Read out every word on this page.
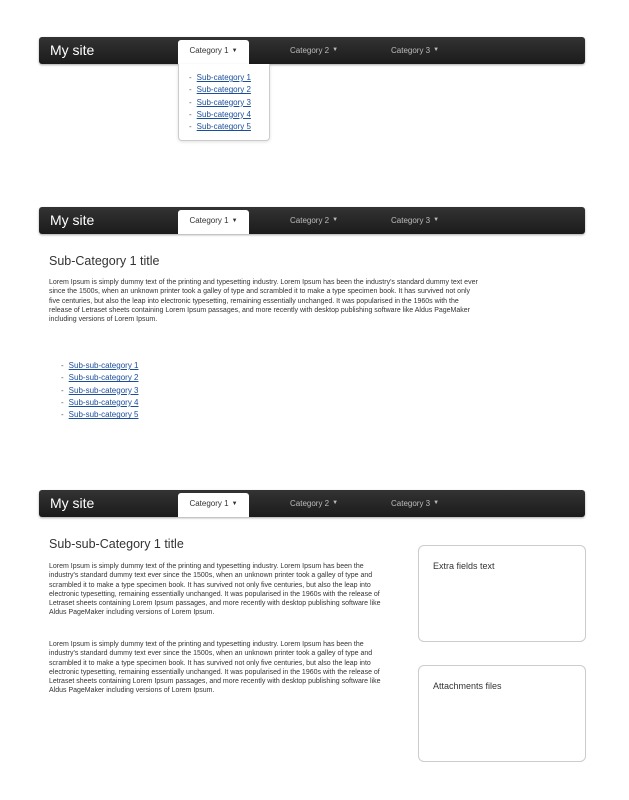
My site	Category 1 ▼	Category 2 ▼	Category 3 ▼
- Sub-category 1
- Sub-category 2
- Sub-category 3
- Sub-category 4
- Sub-category 5
My site	Category 1 ▼	Category 2 ▼	Category 3 ▼
Sub-Category 1 title

Lorem Ipsum is simply dummy text of the printing and typesetting industry. Lorem Ipsum has been the industry's standard dummy text ever since the 1500s, when an unknown printer took a galley of type and scrambled it to make a type specimen book. It has survived not only five centuries, but also the leap into electronic typesetting, remaining essentially unchanged. It was popularised in the 1960s with the release of Letraset sheets containing Lorem Ipsum passages, and more recently with desktop publishing software like Aldus PageMaker including versions of Lorem Ipsum.

- Sub-sub-category 1
- Sub-sub-category 2
- Sub-sub-category 3
- Sub-sub-category 4
- Sub-sub-category 5
My site	Category 1 ▼	Category 2 ▼	Category 3 ▼
Sub-sub-Category 1 title

Lorem Ipsum is simply dummy text of the printing and typesetting industry. Lorem Ipsum has been the industry's standard dummy text ever since the 1500s, when an unknown printer took a galley of type and scrambled it to make a type specimen book. It has survived not only five centuries, but also the leap into electronic typesetting, remaining essentially unchanged. It was popularised in the 1960s with the release of Letraset sheets containing Lorem Ipsum passages, and more recently with desktop publishing software like Aldus PageMaker including versions of Lorem Ipsum.

Lorem Ipsum is simply dummy text of the printing and typesetting industry. Lorem Ipsum has been the industry's standard dummy text ever since the 1500s, when an unknown printer took a galley of type and scrambled it to make a type specimen book. It has survived not only five centuries, but also the leap into electronic typesetting, remaining essentially unchanged. It was popularised in the 1960s with the release of Letraset sheets containing Lorem Ipsum passages, and more recently with desktop publishing software like Aldus PageMaker including versions of Lorem Ipsum.

Extra fields text
Attachments files
